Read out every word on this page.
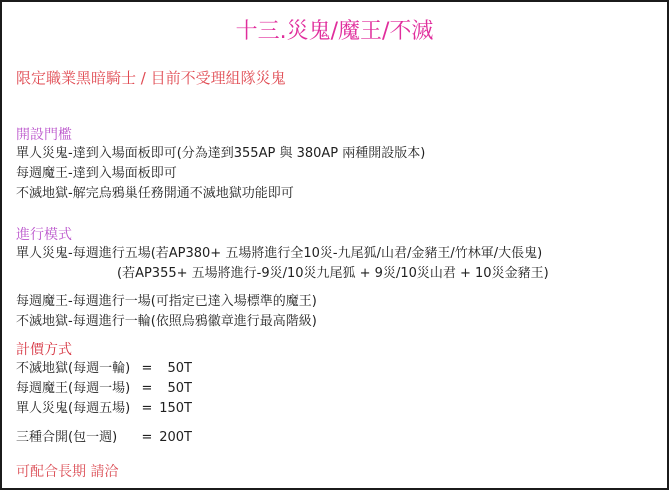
十三.災鬼/魔王/不滅
限定職業黑暗騎士 / 目前不受理組隊災鬼
開設門檻
單人災鬼-達到入場面板即可(分為達到355AP 與 380AP 兩種開設版本)
每週魔王-達到入場面板即可
不滅地獄-解完烏鴉巢任務開通不滅地獄功能即可
進行模式
單人災鬼-每週進行五場(若AP380+ 五場將進行全10災-九尾狐/山君/金豬王/竹林軍/大倀鬼)
(若AP355+ 五場將進行-9災/10災九尾狐 + 9災/10災山君 + 10災金豬王)
每週魔王-每週進行一場(可指定已達入場標準的魔王)
不滅地獄-每週進行一輪(依照烏鴉徽章進行最高階級)
計價方式
不滅地獄(每週一輪) =	50T
每週魔王(每週一場) =	50T
單人災鬼(每週五場) = 150T
三種合開(包一週)	= 200T
可配合長期 請洽
